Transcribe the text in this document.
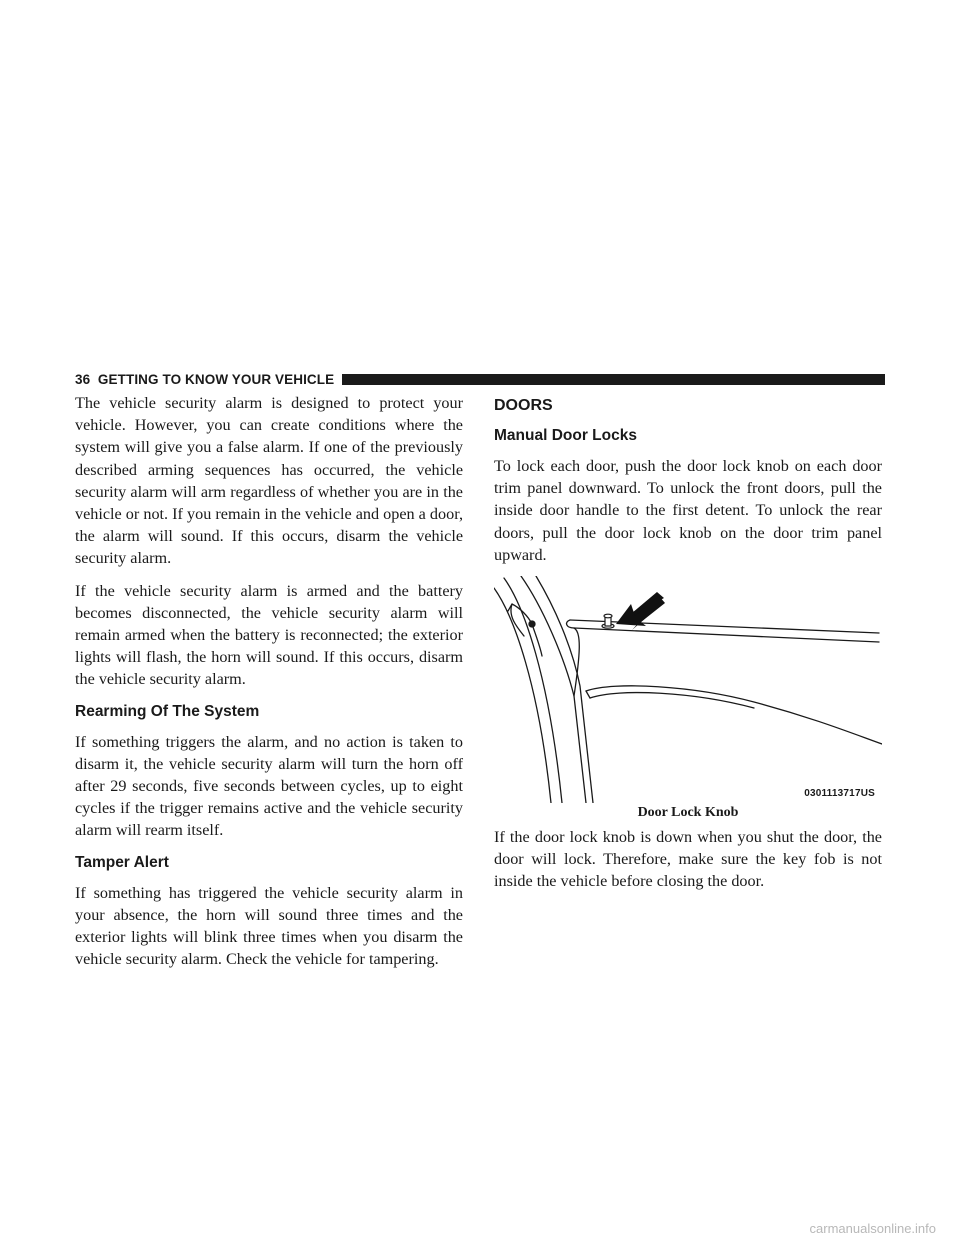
36 GETTING TO KNOW YOUR VEHICLE

The vehicle security alarm is designed to protect your vehicle. However, you can create conditions where the system will give you a false alarm. If one of the previously described arming sequences has occurred, the vehicle security alarm will arm regardless of whether you are in the vehicle or not. If you remain in the vehicle and open a door, the alarm will sound. If this occurs, disarm the vehicle security alarm.

If the vehicle security alarm is armed and the battery becomes disconnected, the vehicle security alarm will remain armed when the battery is reconnected; the exterior lights will flash, the horn will sound. If this occurs, disarm the vehicle security alarm.

Rearming Of The System

If something triggers the alarm, and no action is taken to disarm it, the vehicle security alarm will turn the horn off after 29 seconds, five seconds between cycles, up to eight cycles if the trigger remains active and the vehicle security alarm will rearm itself.

Tamper Alert

If something has triggered the vehicle security alarm in your absence, the horn will sound three times and the exterior lights will blink three times when you disarm the vehicle security alarm. Check the vehicle for tampering.

DOORS
Manual Door Locks

To lock each door, push the door lock knob on each door trim panel downward. To unlock the front doors, pull the inside door handle to the first detent. To unlock the rear doors, pull the door lock knob on the door trim panel upward.

0301113717US
Door Lock Knob

If the door lock knob is down when you shut the door, the door will lock. Therefore, make sure the key fob is not inside the vehicle before closing the door.

carmanualsonline.info
